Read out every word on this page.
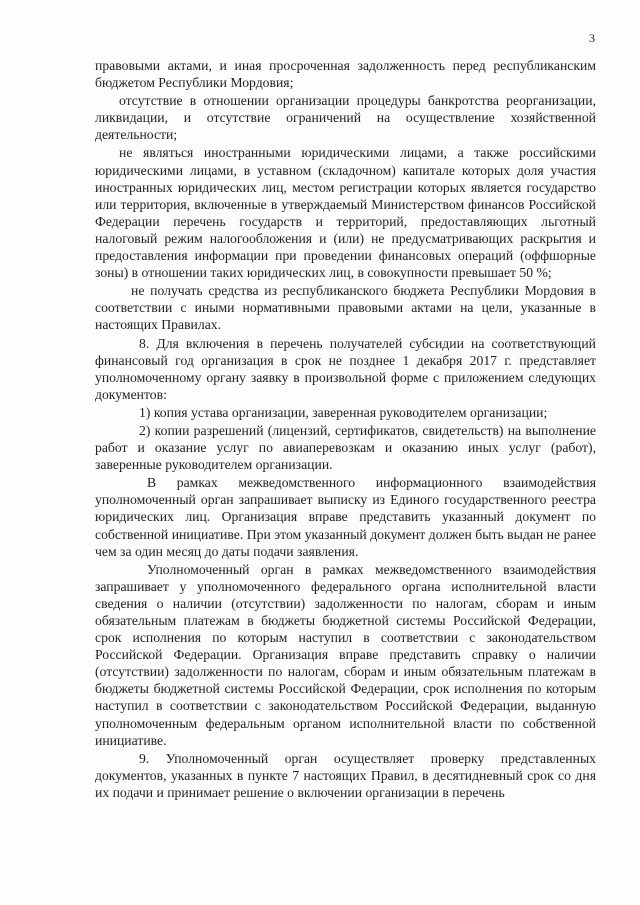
3

правовыми актами, и иная просроченная задолженность перед республиканским бюджетом Республики Мордовия;

отсутствие в отношении организации процедуры банкротства реорганизации, ликвидации, и отсутствие ограничений на осуществление хозяйственной деятельности;

не являться иностранными юридическими лицами, а также российскими юридическими лицами, в уставном (складочном) капитале которых доля участия иностранных юридических лиц, местом регистрации которых является государство или территория, включенные в утверждаемый Министерством финансов Российской Федерации перечень государств и территорий, предоставляющих льготный налоговый режим налогообложения и (или) не предусматривающих раскрытия и предоставления информации при проведении финансовых операций (оффшорные зоны) в отношении таких юридических лиц, в совокупности превышает 50 %;

не получать средства из республиканского бюджета Республики Мордовия в соответствии с иными нормативными правовыми актами на цели, указанные в настоящих Правилах.

8. Для включения в перечень получателей субсидии на соответствующий финансовый год организация в срок не позднее 1 декабря 2017 г. представляет уполномоченному органу заявку в произвольной форме с приложением следующих документов:

1) копия устава организации, заверенная руководителем организации;

2) копии разрешений (лицензий, сертификатов, свидетельств) на выполнение работ и оказание услуг по авиаперевозкам и оказанию иных услуг (работ), заверенные руководителем организации.

В рамках межведомственного информационного взаимодействия уполномоченный орган запрашивает выписку из Единого государственного реестра юридических лиц. Организация вправе представить указанный документ по собственной инициативе. При этом указанный документ должен быть выдан не ранее чем за один месяц до даты подачи заявления.

Уполномоченный орган в рамках межведомственного взаимодействия запрашивает у уполномоченного федерального органа исполнительной власти сведения о наличии (отсутствии) задолженности по налогам, сборам и иным обязательным платежам в бюджеты бюджетной системы Российской Федерации, срок исполнения по которым наступил в соответствии с законодательством Российской Федерации. Организация вправе представить справку о наличии (отсутствии) задолженности по налогам, сборам и иным обязательным платежам в бюджеты бюджетной системы Российской Федерации, срок исполнения по которым наступил в соответствии с законодательством Российской Федерации, выданную уполномоченным федеральным органом исполнительной власти по собственной инициативе.

9. Уполномоченный орган осуществляет проверку представленных документов, указанных в пункте 7 настоящих Правил, в десятидневный срок со дня их подачи и принимает решение о включении организации в перечень
